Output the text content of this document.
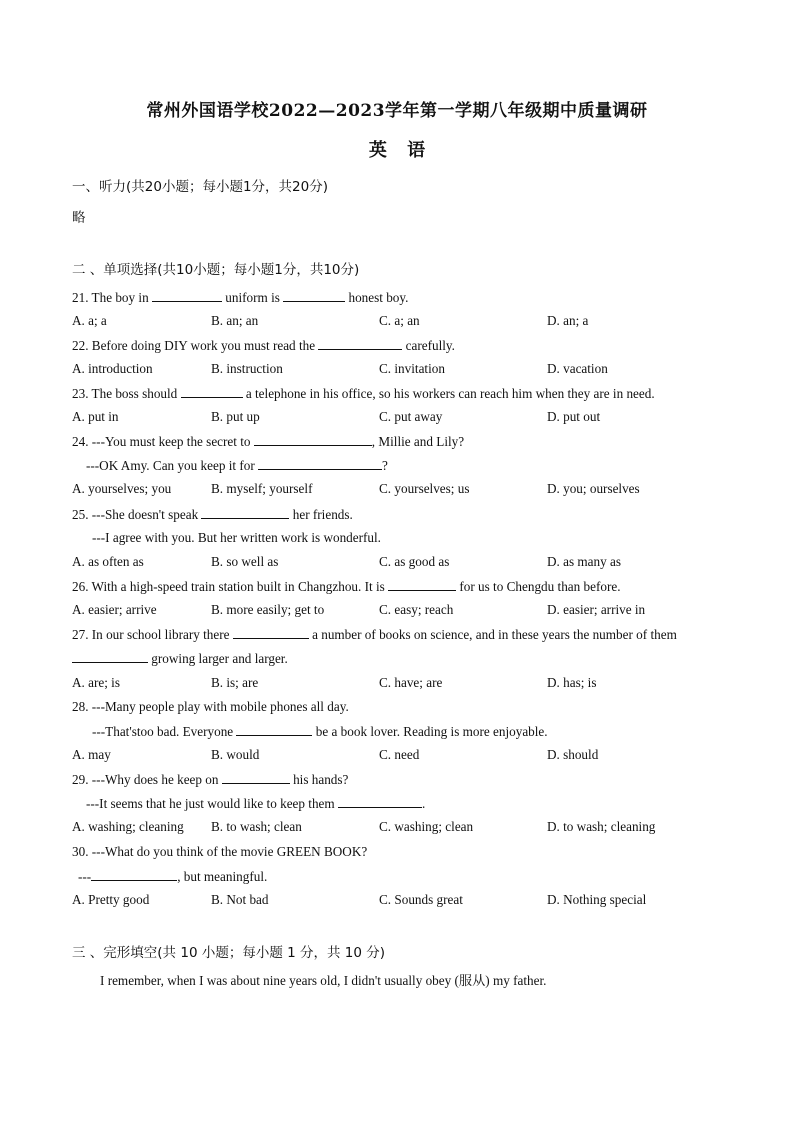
常州外国语学校2022—2023学年第一学期八年级期中质量调研
英 语
一、听力(共20小题；每小题1分，共20分)
略
二 、单项选择(共10小题；每小题1分，共10分)
21. The boy in	uniform is	honest boy.
A. a; a	B. an; an	C. a; an	D. an; a
22. Before doing DIY work you must read the	carefully.
A. introduction	B. instruction	C. invitation	D. vacation
23. The boss should	a telephone in his office, so his workers can reach him when they are in need.
A. put in	B. put up	C. put away	D. put out
24. ---You must keep the secret to	, Millie and Lily?
---OK Amy. Can you keep it for	?
A. yourselves; you	B. myself; yourself	C. yourselves; us	D. you; ourselves
25. ---She doesn't speak	her friends.
---I agree with you. But her written work is wonderful.
A. as often as	B. so well as	C. as good as	D. as many as
26. With a high-speed train station built in Changzhou. It is	for us to Chengdu than before.
A. easier; arrive	B. more easily; get to	C. easy; reach	D. easier; arrive in
27. In our school library there	a number of books on science, and in these years the number of them
growing larger and larger.
A. are; is	B. is; are	C. have; are	D. has; is
28. ---Many people play with mobile phones all day.
---That'stoo bad. Everyone	be a book lover. Reading is more enjoyable.
A. may	B. would	C. need	D. should
29. ---Why does he keep on	his hands?
---It seems that he just would like to keep them	.
A. washing; cleaning B. to wash; clean	C. washing; clean	D. to wash; cleaning
30. ---What do you think of the movie GREEN BOOK?
---	, but meaningful.
A. Pretty good	B. Not bad	C. Sounds great	D. Nothing special
三 、完形填空(共 10 小题；每小题 1 分，共 10 分)
I remember, when I was about nine years old, I didn't usually obey (服从) my father.
